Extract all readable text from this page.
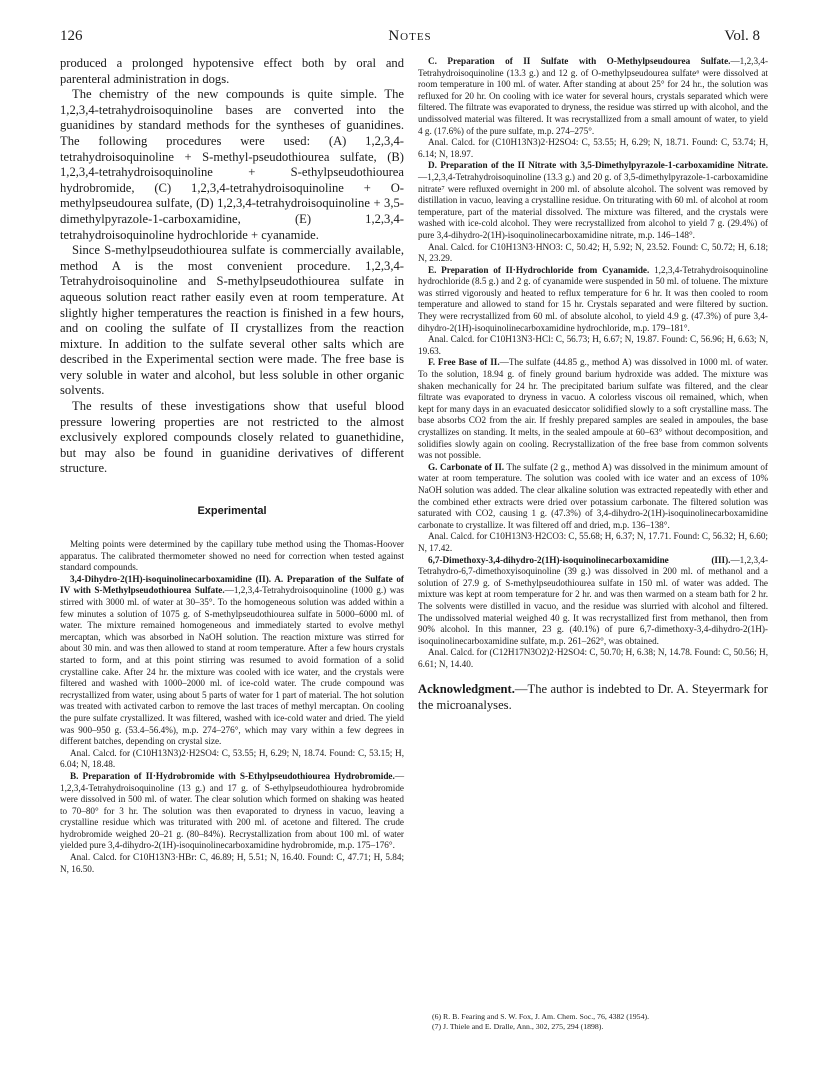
126	Notes	Vol. 8

produced a prolonged hypotensive effect both by oral and parenteral administration in dogs.

The chemistry of the new compounds is quite simple. The 1,2,3,4-tetrahydroisoquinoline bases are converted into the guanidines by standard methods for the syntheses of guanidines. The following procedures were used: (A) 1,2,3,4-tetrahydroisoquinoline + S-methyl-pseudothiourea sulfate, (B) 1,2,3,4-tetrahydroisoquinoline + S-ethylpseudothiourea hydrobromide, (C) 1,2,3,4-tetrahydroisoquinoline + O-methylpseudourea sulfate, (D) 1,2,3,4-tetrahydroisoquinoline + 3,5-dimethylpyrazole-1-carboxamidine, (E) 1,2,3,4-tetrahydroisoquinoline hydrochloride + cyanamide.

Since S-methylpseudothiourea sulfate is commercially available, method A is the most convenient procedure. 1,2,3,4-Tetrahydroisoquinoline and S-methylpseudothiourea sulfate in aqueous solution react rather easily even at room temperature. At slightly higher temperatures the reaction is finished in a few hours, and on cooling the sulfate of II crystallizes from the reaction mixture. In addition to the sulfate several other salts which are described in the Experimental section were made. The free base is very soluble in water and alcohol, but less soluble in other organic solvents.

The results of these investigations show that useful blood pressure lowering properties are not restricted to the almost exclusively explored compounds closely related to guanethidine, but may also be found in guanidine derivatives of different structure.

Experimental

Melting points were determined by the capillary tube method using the Thomas-Hoover apparatus. The calibrated thermometer showed no need for correction when tested against standard compounds.

3,4-Dihydro-2(1H)-isoquinolinecarboxamidine (II). A. Preparation of the Sulfate of IV with S-Methylpseudothiourea Sulfate.—1,2,3,4-Tetrahydroisoquinoline (1000 g.) was stirred with 3000 ml. of water at 30–35°. To the homogeneous solution was added within a few minutes a solution of 1075 g. of S-methylpseudothiourea sulfate in 5000–6000 ml. of water. The mixture remained homogeneous and immediately started to evolve methyl mercaptan, which was absorbed in NaOH solution. The reaction mixture was stirred for about 30 min. and was then allowed to stand at room temperature. After a few hours crystals started to form, and at this point stirring was resumed to avoid formation of a solid crystalline cake. After 24 hr. the mixture was cooled with ice water, and the crystals were filtered and washed with 1000–2000 ml. of ice-cold water. The crude compound was recrystallized from water, using about 5 parts of water for 1 part of material. The hot solution was treated with activated carbon to remove the last traces of methyl mercaptan. On cooling the pure sulfate crystallized. It was filtered, washed with ice-cold water and dried. The yield was 900–950 g. (53.4–56.4%), m.p. 274–276°, which may vary within a few degrees in different batches, depending on crystal size.

Anal. Calcd. for (C10H13N3)2·H2SO4: C, 53.55; H, 6.29; N, 18.74. Found: C, 53.15; H, 6.04; N, 18.48.

B. Preparation of II·Hydrobromide with S-Ethylpseudothiourea Hydrobromide.—1,2,3,4-Tetrahydroisoquinoline (13 g.) and 17 g. of S-ethylpseudothiourea hydrobromide were dissolved in 500 ml. of water. The clear solution which formed on shaking was heated to 70–80° for 3 hr. The solution was then evaporated to dryness in vacuo, leaving a crystalline residue which was triturated with 200 ml. of acetone and filtered. The crude hydrobromide weighed 20–21 g. (80–84%). Recrystallization from about 100 ml. of water yielded pure 3,4-dihydro-2(1H)-isoquinolinecarboxamidine hydrobromide, m.p. 175–176°.

Anal. Calcd. for C10H13N3·HBr: C, 46.89; H, 5.51; N, 16.40. Found: C, 47.71; H, 5.84; N, 16.50.

C. Preparation of II Sulfate with O-Methylpseudourea Sulfate.—1,2,3,4-Tetrahydroisoquinoline (13.3 g.) and 12 g. of O-methylpseudourea sulfate⁶ were dissolved at room temperature in 100 ml. of water. After standing at about 25° for 24 hr., the solution was refluxed for 20 hr. On cooling with ice water for several hours, crystals separated which were filtered. The filtrate was evaporated to dryness, the residue was stirred up with alcohol, and the undissolved material was filtered. It was recrystallized from a small amount of water, to yield 4 g. (17.6%) of the pure sulfate, m.p. 274–275°.

Anal. Calcd. for (C10H13N3)2·H2SO4: C, 53.55; H, 6.29; N, 18.71. Found: C, 53.74; H, 6.14; N, 18.97.

D. Preparation of the II Nitrate with 3,5-Dimethylpyrazole-1-carboxamidine Nitrate.—1,2,3,4-Tetrahydroisoquinoline (13.3 g.) and 20 g. of 3,5-dimethylpyrazole-1-carboxamidine nitrate⁷ were refluxed overnight in 200 ml. of absolute alcohol. The solvent was removed by distillation in vacuo, leaving a crystalline residue. On triturating with 60 ml. of alcohol at room temperature, part of the material dissolved. The mixture was filtered, and the crystals were washed with ice-cold alcohol. They were recrystallized from alcohol to yield 7 g. (29.4%) of pure 3,4-dihydro-2(1H)-isoquinolinecarboxamidine nitrate, m.p. 146–148°.

Anal. Calcd. for C10H13N3·HNO3: C, 50.42; H, 5.92; N, 23.52. Found: C, 50.72; H, 6.18; N, 23.29.

E. Preparation of II·Hydrochloride from Cyanamide. 1,2,3,4-Tetrahydroisoquinoline hydrochloride (8.5 g.) and 2 g. of cyanamide were suspended in 50 ml. of toluene. The mixture was stirred vigorously and heated to reflux temperature for 6 hr. It was then cooled to room temperature and allowed to stand for 15 hr. Crystals separated and were filtered by suction. They were recrystallized from 60 ml. of absolute alcohol, to yield 4.9 g. (47.3%) of pure 3,4-dihydro-2(1H)-isoquinolinecarboxamidine hydrochloride, m.p. 179–181°.

Anal. Calcd. for C10H13N3·HCl: C, 56.73; H, 6.67; N, 19.87. Found: C, 56.96; H, 6.63; N, 19.63.

F. Free Base of II.—The sulfate (44.85 g., method A) was dissolved in 1000 ml. of water. To the solution, 18.94 g. of finely ground barium hydroxide was added. The mixture was shaken mechanically for 24 hr. The precipitated barium sulfate was filtered, and the clear filtrate was evaporated to dryness in vacuo. A colorless viscous oil remained, which, when kept for many days in an evacuated desiccator solidified slowly to a soft crystalline mass. The base absorbs CO2 from the air. If freshly prepared samples are sealed in ampoules, the base crystallizes on standing. It melts, in the sealed ampoule at 60–63° without decomposition, and solidifies slowly again on cooling. Recrystallization of the free base from common solvents was not possible.

G. Carbonate of II. The sulfate (2 g., method A) was dissolved in the minimum amount of water at room temperature. The solution was cooled with ice water and an excess of 10% NaOH solution was added. The clear alkaline solution was extracted repeatedly with ether and the combined ether extracts were dried over potassium carbonate. The filtered solution was saturated with CO2, causing 1 g. (47.3%) of 3,4-dihydro-2(1H)-isoquinolinecarboxamidine carbonate to crystallize. It was filtered off and dried, m.p. 136–138°.

Anal. Calcd. for C10H13N3·H2CO3: C, 55.68; H, 6.37; N, 17.71. Found: C, 56.32; H, 6.60; N, 17.42.

6,7-Dimethoxy-3,4-dihydro-2(1H)-isoquinolinecarboxamidine (III).—1,2,3,4-Tetrahydro-6,7-dimethoxyisoquinoline (39 g.) was dissolved in 200 ml. of methanol and a solution of 27.9 g. of S-methylpseudothiourea sulfate in 150 ml. of water was added. The mixture was kept at room temperature for 2 hr. and was then warmed on a steam bath for 2 hr. The solvents were distilled in vacuo, and the residue was slurried with alcohol and filtered. The undissolved material weighed 40 g. It was recrystallized first from methanol, then from 90% alcohol. In this manner, 23 g. (40.1%) of pure 6,7-dimethoxy-3,4-dihydro-2(1H)-isoquinolinecarboxamidine sulfate, m.p. 261–262°, was obtained.

Anal. Calcd. for (C12H17N3O2)2·H2SO4: C, 50.70; H, 6.38; N, 14.78. Found: C, 50.56; H, 6.61; N, 14.40.

Acknowledgment.—The author is indebted to Dr. A. Steyermark for the microanalyses.

(6) R. B. Fearing and S. W. Fox, J. Am. Chem. Soc., 76, 4382 (1954).
(7) J. Thiele and E. Dralle, Ann., 302, 275, 294 (1898).
